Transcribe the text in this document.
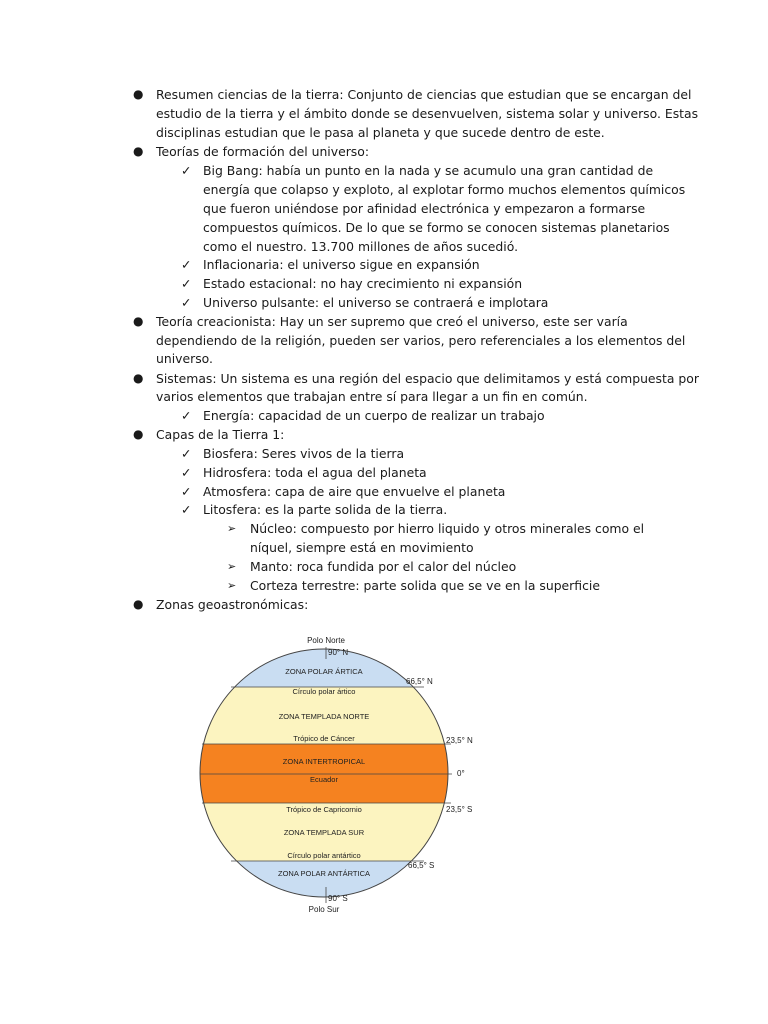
● Resumen ciencias de la tierra: Conjunto de ciencias que estudian que se encargan del
estudio de la tierra y el ámbito donde se desenvuelven, sistema solar y universo. Estas
disciplinas estudian que le pasa al planeta y que sucede dentro de este.
● Teorías de formación del universo:
✓ Big Bang: había un punto en la nada y se acumulo una gran cantidad de
energía que colapso y exploto, al explotar formo muchos elementos químicos
que fueron uniéndose por afinidad electrónica y empezaron a formarse
compuestos químicos. De lo que se formo se conocen sistemas planetarios
como el nuestro. 13.700 millones de años sucedió.
✓ Inflacionaria: el universo sigue en expansión
✓ Estado estacional: no hay crecimiento ni expansión
✓ Universo pulsante: el universo se contraerá e implotara
● Teoría creacionista: Hay un ser supremo que creó el universo, este ser varía
dependiendo de la religión, pueden ser varios, pero referenciales a los elementos del
universo.
● Sistemas: Un sistema es una región del espacio que delimitamos y está compuesta por
varios elementos que trabajan entre sí para llegar a un fin en común.
✓ Energía: capacidad de un cuerpo de realizar un trabajo
● Capas de la Tierra 1:
✓ Biosfera: Seres vivos de la tierra
✓ Hidrosfera: toda el agua del planeta
✓ Atmosfera: capa de aire que envuelve el planeta
✓ Litosfera: es la parte solida de la tierra.
➢ Núcleo: compuesto por hierro liquido y otros minerales como el
níquel, siempre está en movimiento
➢ Manto: roca fundida por el calor del núcleo
➢ Corteza terrestre: parte solida que se ve en la superficie
● Zonas geoastronómicas:
Polo Norte
90° N
ZONA POLAR ÁRTICA
66,5° N
Círculo polar ártico
ZONA TEMPLADA NORTE
Trópico de Cáncer	23,5° N
ZONA INTERTROPICAL
Ecuador
0°
Trópico de Capricornio	23,5° S
ZONA TEMPLADA SUR
Círculo polar antártico
66,5° S
ZONA POLAR ANTÁRTICA
90° S
Polo Sur
